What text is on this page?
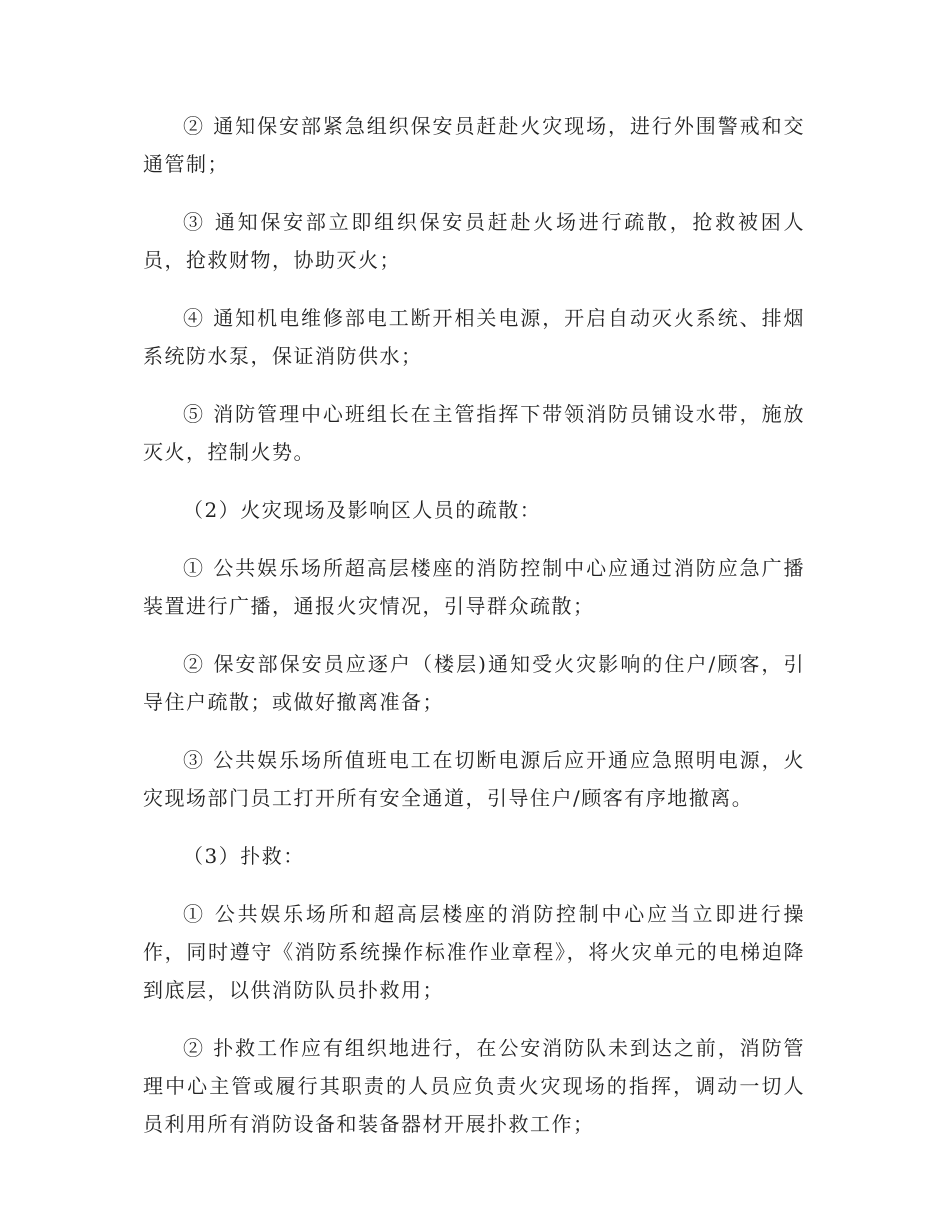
② 通知保安部紧急组织保安员赶赴火灾现场，进行外围警戒和交通管制；

③ 通知保安部立即组织保安员赶赴火场进行疏散，抢救被困人员，抢救财物，协助灭火；

④ 通知机电维修部电工断开相关电源，开启自动灭火系统、排烟系统防水泵，保证消防供水；

⑤ 消防管理中心班组长在主管指挥下带领消防员铺设水带，施放灭火，控制火势。

（2）火灾现场及影响区人员的疏散：

① 公共娱乐场所超高层楼座的消防控制中心应通过消防应急广播装置进行广播，通报火灾情况，引导群众疏散；

② 保安部保安员应逐户（楼层)通知受火灾影响的住户/顾客，引导住户疏散；或做好撤离准备；

③ 公共娱乐场所值班电工在切断电源后应开通应急照明电源，火灾现场部门员工打开所有安全通道，引导住户/顾客有序地撤离。

（3）扑救：

① 公共娱乐场所和超高层楼座的消防控制中心应当立即进行操作，同时遵守《消防系统操作标准作业章程》，将火灾单元的电梯迫降到底层，以供消防队员扑救用；

② 扑救工作应有组织地进行，在公安消防队未到达之前，消防管理中心主管或履行其职责的人员应负责火灾现场的指挥，调动一切人员利用所有消防设备和装备器材开展扑救工作；
